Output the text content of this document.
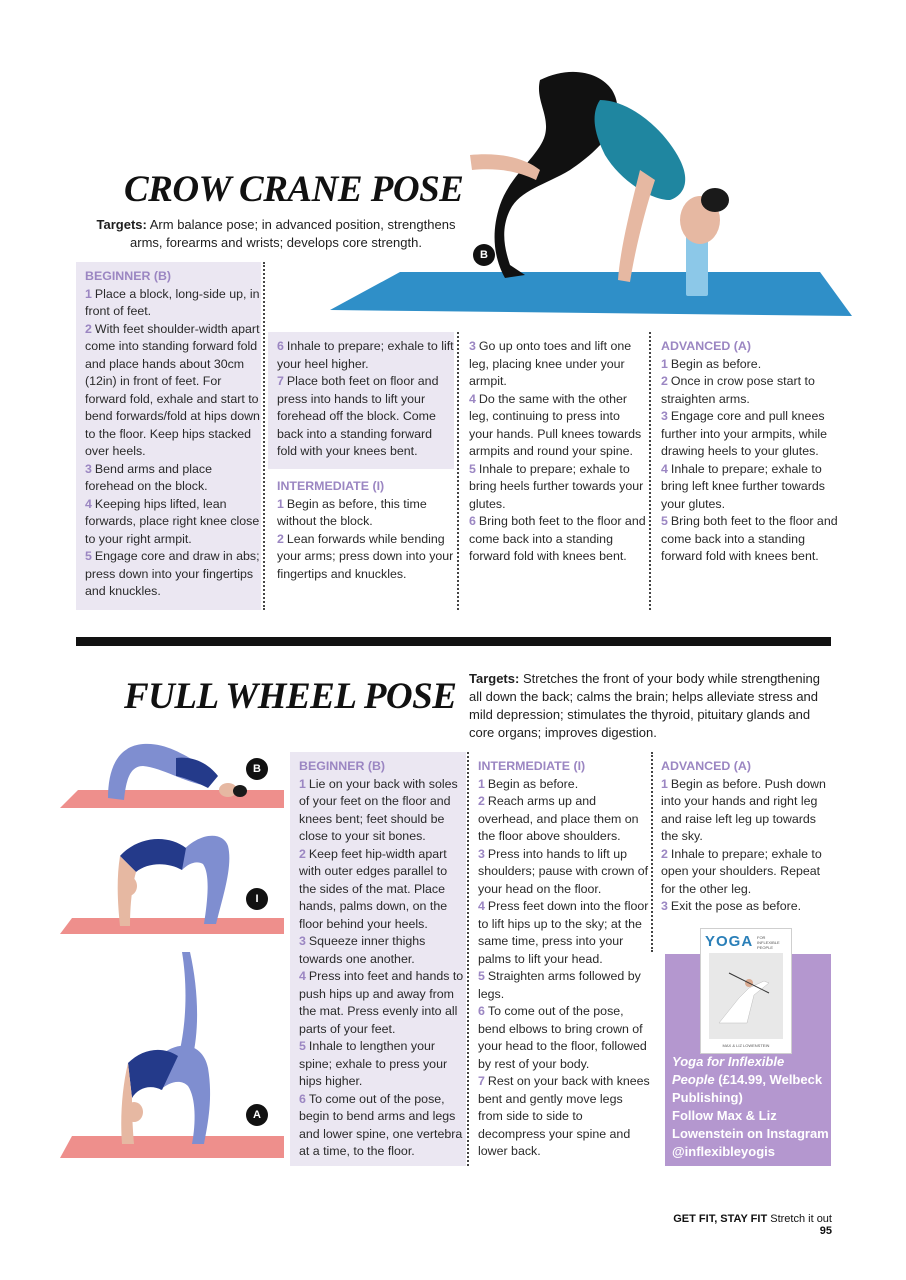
CROW CRANE POSE
Targets: Arm balance pose; in advanced position, strengthens arms, forearms and wrists; develops core strength.
B

BEGINNER (B)

1 Place a block, long-side up, in front of feet.

2 With feet shoulder-width apart come into standing forward fold and place hands about 30cm (12in) in front of feet. For forward fold, exhale and start to bend forwards/fold at hips down to the floor. Keep hips stacked over heels.

3 Bend arms and place forehead on the block.

4 Keeping hips lifted, lean forwards, place right knee close to your right armpit.

5 Engage core and draw in abs; press down into your fingertips and knuckles.

6 Inhale to prepare; exhale to lift your heel higher.

7 Place both feet on floor and press into hands to lift your forehead off the block. Come back into a standing forward fold with your knees bent.

INTERMEDIATE (I)

1 Begin as before, this time without the block.

2 Lean forwards while bending your arms; press down into your fingertips and knuckles.

3 Go up onto toes and lift one leg, placing knee under your armpit.

4 Do the same with the other leg, continuing to press into your hands. Pull knees towards armpits and round your spine.

5 Inhale to prepare; exhale to bring heels further towards your glutes.

6 Bring both feet to the floor and come back into a standing forward fold with knees bent.

ADVANCED (A)

1 Begin as before.

2 Once in crow pose start to straighten arms.

3 Engage core and pull knees further into your armpits, while drawing heels to your glutes.

4 Inhale to prepare; exhale to bring left knee further towards your glutes.

5 Bring both feet to the floor and come back into a standing forward fold with knees bent.

FULL WHEEL POSE Targets: Stretches the front of your body while strengthening all down the back; calms the brain; helps alleviate stress and mild depression; stimulates the thyroid, pituitary glands and core organs; improves digestion.
B
I
A

BEGINNER (B)

1 Lie on your back with soles of your feet on the floor and knees bent; feet should be close to your sit bones.

2 Keep feet hip-width apart with outer edges parallel to the sides of the mat. Place hands, palms down, on the floor behind your heels.

3 Squeeze inner thighs towards one another.

4 Press into feet and hands to push hips up and away from the mat. Press evenly into all parts of your feet.

5 Inhale to lengthen your spine; exhale to press your hips higher.

6 To come out of the pose, begin to bend arms and legs and lower spine, one vertebra at a time, to the floor.

INTERMEDIATE (I)

1 Begin as before.

2 Reach arms up and overhead, and place them on the floor above shoulders.

3 Press into hands to lift up shoulders; pause with crown of your head on the floor.

4 Press feet down into the floor to lift hips up to the sky; at the same time, press into your palms to lift your head.

5 Straighten arms followed by legs.

6 To come out of the pose, bend elbows to bring crown of your head to the floor, followed by rest of your body.

7 Rest on your back with knees bent and gently move legs from side to side to decompress your spine and lower back.

ADVANCED (A)

1 Begin as before. Push down into your hands and right leg and raise left leg up towards the sky.

2 Inhale to prepare; exhale to open your shoulders. Repeat for the other leg.

3 Exit the pose as before.

YOGA FOR INFLEXIBLE PEOPLE
MAX & LIZ LOWENSTEIN
Yoga for Inflexible People (£14.99, Welbeck Publishing)
Follow Max & Liz Lowenstein on Instagram @inflexibleyogis
GET FIT, STAY FIT Stretch it out 95
